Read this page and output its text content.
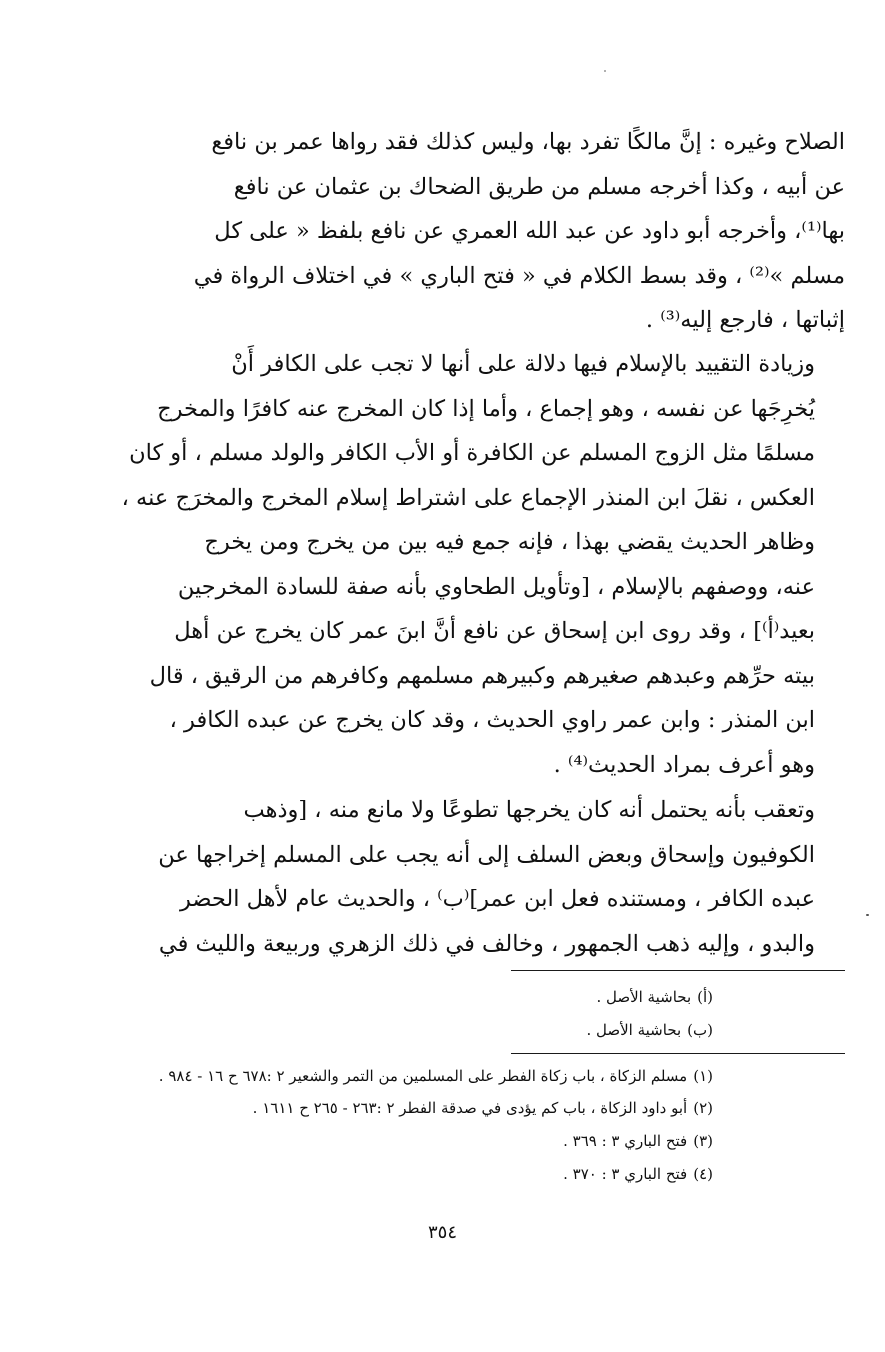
الصلاح وغيره : إنَّ مالكًا تفرد بها، وليس كذلك فقد رواها عمر بن نافع
عن أبيه ، وكذا أخرجه مسلم من طريق الضحاك بن عثمان عن نافع
بها⁽¹⁾، وأخرجه أبو داود عن عبد الله العمري عن نافع بلفظ « على كل
مسلم »⁽²⁾ ، وقد بسط الكلام في « فتح الباري » في اختلاف الرواة في
إثباتها ، فارجع إليه⁽³⁾ .
وزيادة التقييد بالإسلام فيها دلالة على أنها لا تجب على الكافر أَنْ
يُخرِجَها عن نفسه ، وهو إجماع ، وأما إذا كان المخرج عنه كافرًا والمخرج
مسلمًا مثل الزوج المسلم عن الكافرة أو الأب الكافر والولد مسلم ، أو كان
العكس ، نقلَ ابن المنذر الإجماع على اشتراط إسلام المخرج والمخرَج عنه ،
وظاهر الحديث يقضي بهذا ، فإنه جمع فيه بين من يخرج ومن يخرج
عنه، ووصفهم بالإسلام ، [وتأويل الطحاوي بأنه صفة للسادة المخرجين
بعيد⁽أ⁾] ، وقد روى ابن إسحاق عن نافع أنَّ ابنَ عمر كان يخرج عن أهل
بيته حرِّهم وعبدهم صغيرهم وكبيرهم مسلمهم وكافرهم من الرقيق ، قال
ابن المنذر : وابن عمر راوي الحديث ، وقد كان يخرج عن عبده الكافر ،
وهو أعرف بمراد الحديث⁽⁴⁾ .
وتعقب بأنه يحتمل أنه كان يخرجها تطوعًا ولا مانع منه ، [وذهب
الكوفيون وإسحاق وبعض السلف إلى أنه يجب على المسلم إخراجها عن
عبده الكافر ، ومستنده فعل ابن عمر]⁽ب⁾ ، والحديث عام لأهل الحضر
والبدو ، وإليه ذهب الجمهور ، وخالف في ذلك الزهري وربيعة والليث في
(أ)بحاشية الأصل .
(ب)بحاشية الأصل .
(١)مسلم الزكاة ، باب زكاة الفطر على المسلمين من التمر والشعير ٢ :٦٧٨ ح ١٦ - ٩٨٤ .
(٢)أبو داود الزكاة ، باب كم يؤدى في صدقة الفطر ٢ :٢٦٣ - ٢٦٥ ح ١٦١١ .
(٣)فتح الباري ٣ : ٣٦٩ .
(٤)فتح الباري ٣ : ٣٧٠ .
٣٥٤
